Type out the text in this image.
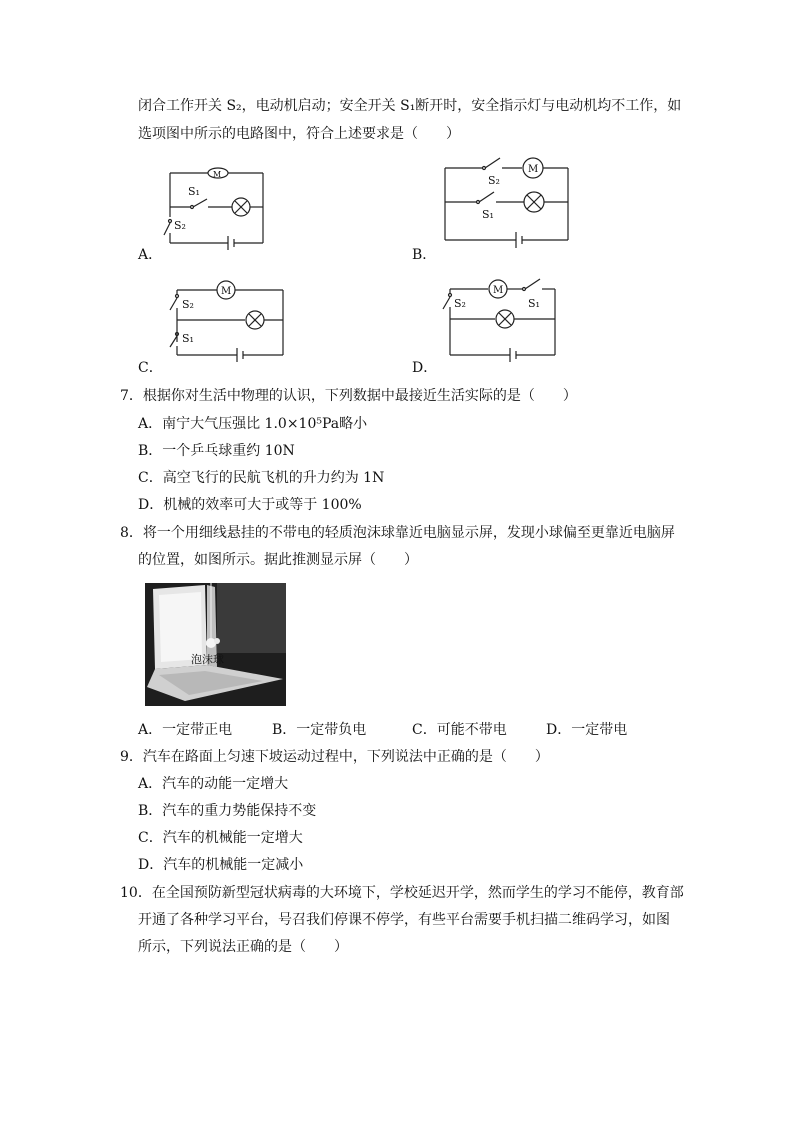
闭合工作开关 S₂，电动机启动；安全开关 S₁断开时，安全指示灯与电动机均不工作，如
选项图中所示的电路图中，符合上述要求是（　　）
M
S₁
S₂
A．
M
S₂
S₁
B．
M
S₂
S₁
C．
M
S₂	S₁
D．
7．根据你对生活中物理的认识，下列数据中最接近生活实际的是（　　）
A．南宁大气压强比 1.0×10⁵Pa略小
B．一个乒乓球重约 10N
C．高空飞行的民航飞机的升力约为 1N
D．机械的效率可大于或等于 100%
8．将一个用细线悬挂的不带电的轻质泡沫球靠近电脑显示屏，发现小球偏至更靠近电脑屏
的位置，如图所示。据此推测显示屏（　　）
泡沫球
A．一定带正电	B．一定带负电	C．可能不带电	D．一定带电
9．汽车在路面上匀速下坡运动过程中，下列说法中正确的是（　　）
A．汽车的动能一定增大
B．汽车的重力势能保持不变
C．汽车的机械能一定增大
D．汽车的机械能一定减小
10．在全国预防新型冠状病毒的大环境下，学校延迟开学，然而学生的学习不能停，教育部
开通了各种学习平台，号召我们停课不停学，有些平台需要手机扫描二维码学习，如图
所示，下列说法正确的是（　　）
